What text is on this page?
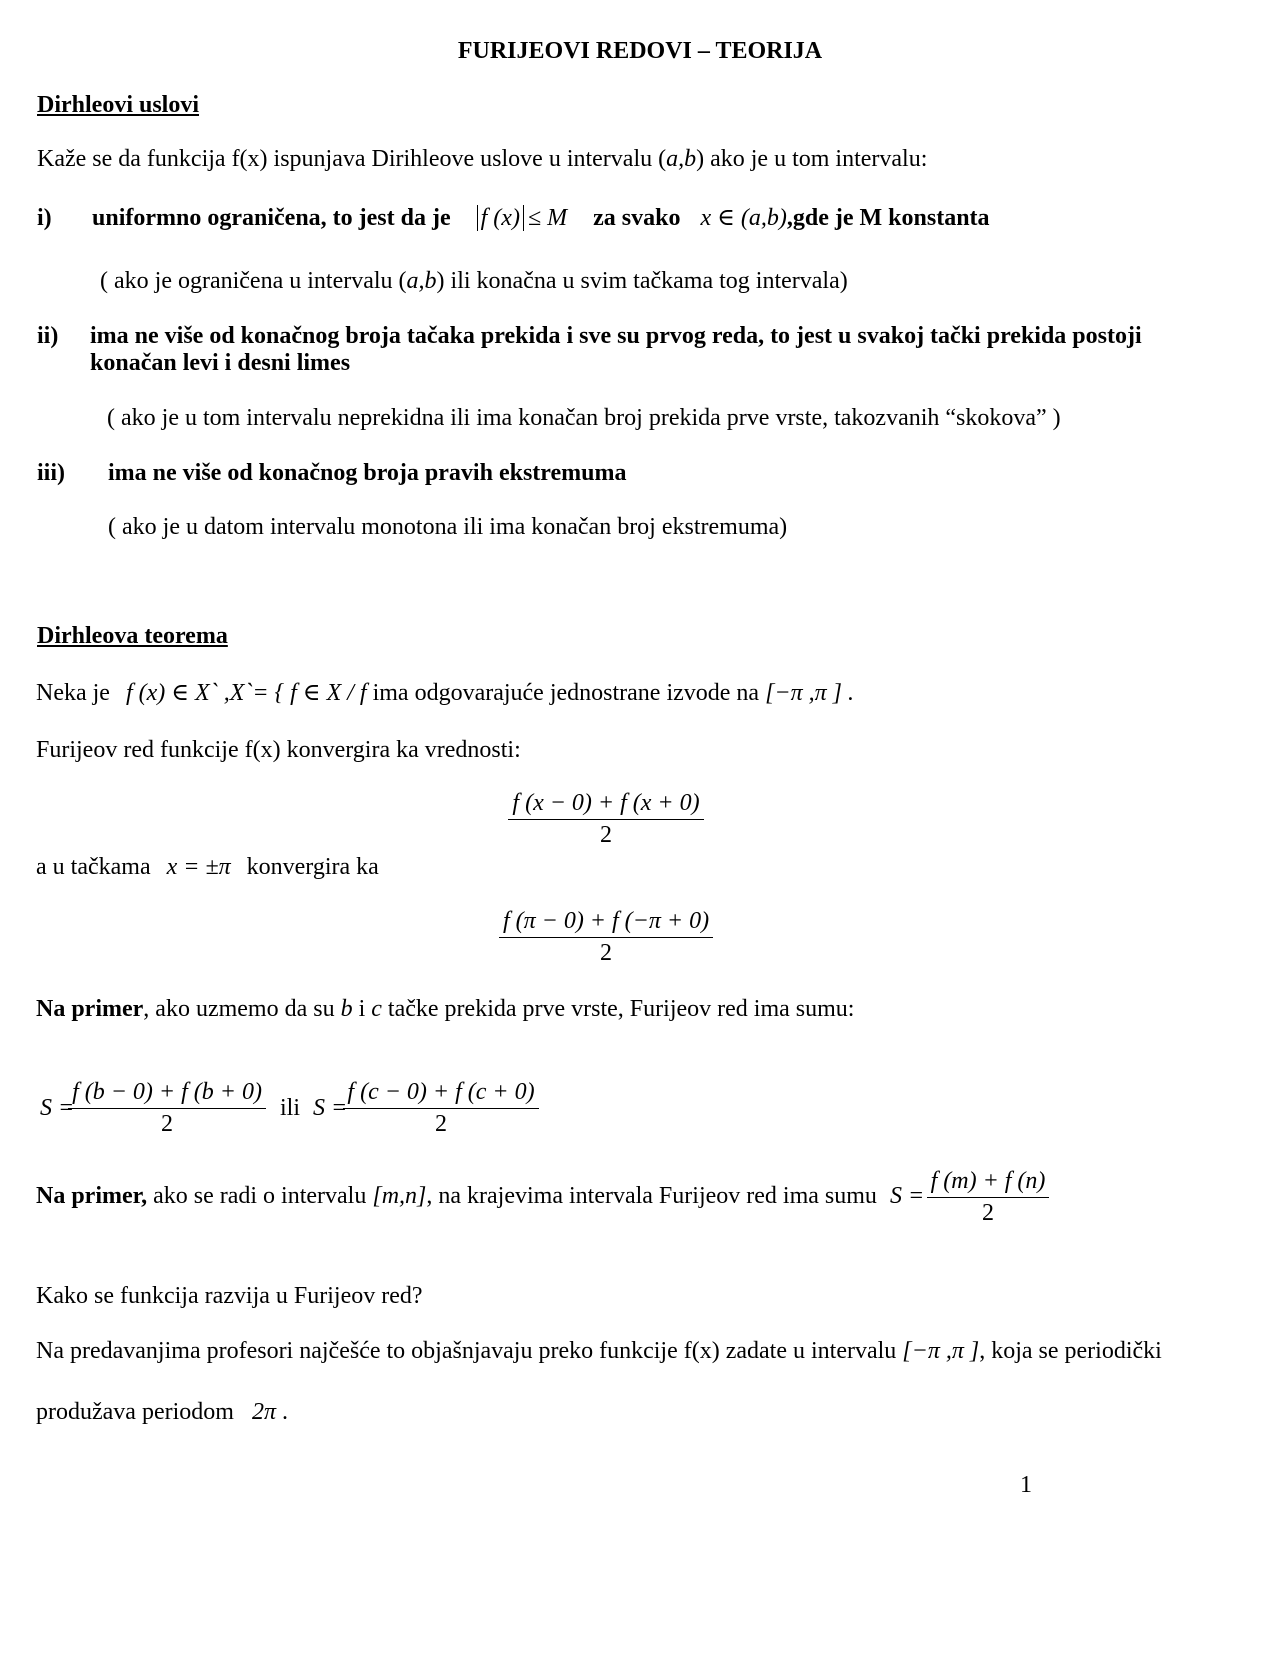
FURIJEOVI REDOVI – TEORIJA
Dirhleovi uslovi
Kaže se da funkcija f(x) ispunjava Dirihleove uslove u intervalu (a,b) ako je u tom intervalu:
i) uniformno ograničena, to jest da je f (x) ≤ M za svako x ∈ (a,b),gde je M konstanta
( ako je ograničena u intervalu (a,b) ili konačna u svim tačkama tog intervala)
ii) ima ne više od konačnog broja tačaka prekida i sve su prvog reda, to jest u svakoj tački prekida postoji
konačan levi i desni limes
( ako je u tom intervalu neprekidna ili ima konačan broj prekida prve vrste, takozvanih “skokova” )
iii) ima ne više od konačnog broja pravih ekstremuma
( ako je u datom intervalu monotona ili ima konačan broj ekstremuma)
Dirhleova teorema
Neka je f (x) ∈ X` ,X`= { f ∈ X / f ima odgovarajuće jednostrane izvode na [−π ,π ] .
Furijeov red funkcije f(x) konvergira ka vrednosti:
$\frac{f (x - 0) + f (x + 0)}{2}$
a u tačkama x = ±π konvergira ka
$\frac{f (\pi - 0) + f (-\pi + 0)}{2}$
Na primer, ako uzmemo da su b i c tačke prekida prve vrste, Furijeov red ima sumu:
$S = \frac{f (b - 0) + f (b + 0)}{2}$ ili $S = \frac{f (c - 0) + f (c + 0)}{2}$
Na primer, ako se radi o intervalu [m,n], na krajevima intervala Furijeov red ima sumu $S = \frac{f (m) + f (n)}{2}$
Kako se funkcija razvija u Furijeov red?
Na predavanjima profesori najčešće to objašnjavaju preko funkcije f(x) zadate u intervalu [−π ,π ], koja se periodički
produžava periodom 2π .
1
